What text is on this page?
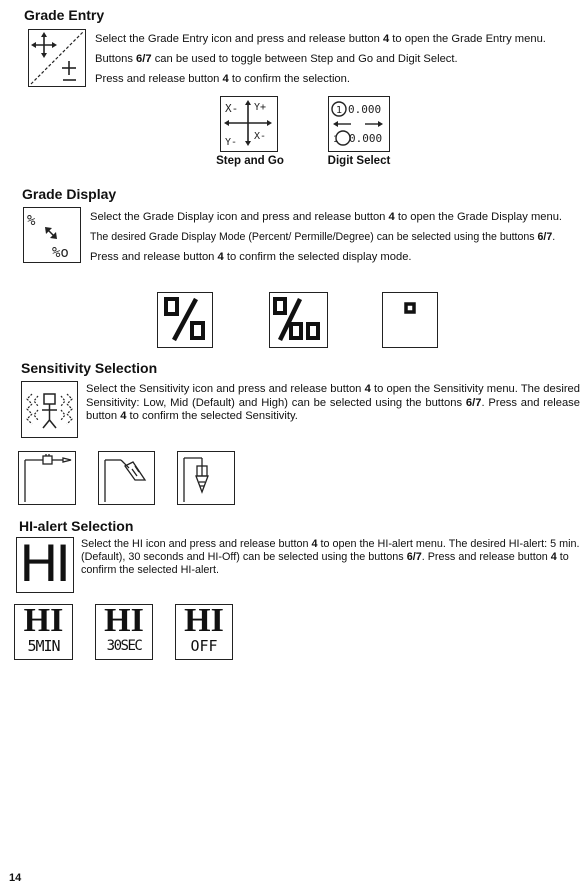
Grade Entry
Select the Grade Entry icon and press and release button 4 to open the Grade Entry menu.
Buttons 6/7 can be used to toggle between Step and Go and Digit Select.
Press and release button 4 to confirm the selection.
X- Y+
X-
Y-
Step and Go
1 0.000
1 0.000
Digit Select
Grade Display
%
%o
Select the Grade Display icon and press and release button 4 to open the Grade Display menu.
The desired Grade Display Mode (Percent/ Permille/Degree) can be selected using the buttons 6/7.
Press and release button 4 to confirm the selected display mode.
Sensitivity Selection
Select the Sensitivity icon and press and release button 4 to open the Sensitivity menu. The desired Sensitivity: Low, Mid (Default) and High) can be selected using the buttons 6/7. Press and release button 4 to confirm the selected Sensitivity.
HI-alert Selection
HI	Select the HI icon and press and release button 4 to open the HI-alert menu. The desired HI-alert: 5 min.(Default), 30 seconds and HI-Off) can be selected using the buttons 6/7. Press and release button 4 to confirm the selected HI-alert.
HI
5MIN
HI
30SEC
HI
OFF
14
